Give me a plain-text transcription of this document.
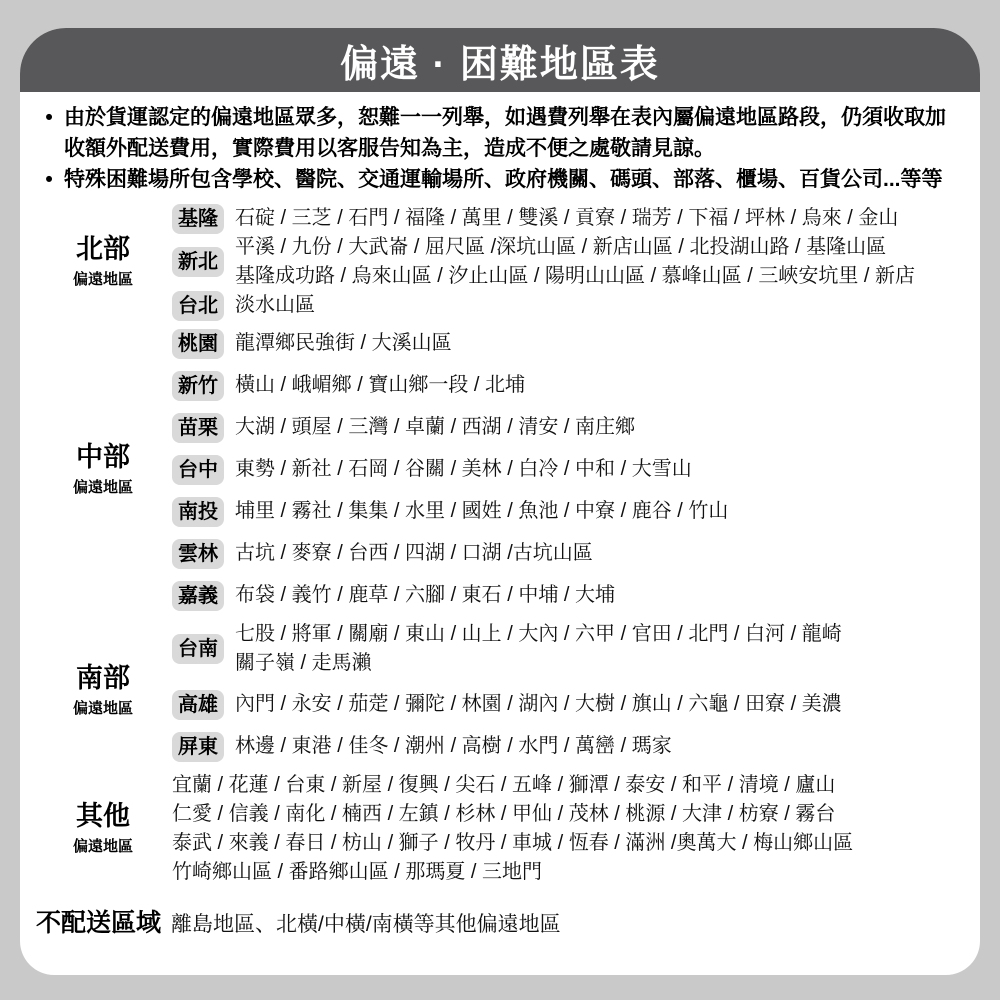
偏遠 · 困難地區表
• 由於貨運認定的偏遠地區眾多，恕難一一列舉，如遇費列舉在表內屬偏遠地區路段，仍須收取加收額外配送費用，實際費用以客服告知為主，造成不便之處敬請見諒。
• 特殊困難場所包含學校、醫院、交通運輸場所、政府機關、碼頭、部落、櫃場、百貨公司...等等
北部
偏遠地區
基隆
新北
台北
石碇 / 三芝 / 石門 / 福隆 / 萬里 / 雙溪 / 貢寮 / 瑞芳 / 下福 / 坪林 / 烏來 / 金山
平溪 / 九份 / 大武崙 / 屈尺區 /深坑山區 / 新店山區 / 北投湖山路 / 基隆山區
基隆成功路 / 烏來山區 / 汐止山區 / 陽明山山區 / 慕峰山區 / 三峽安坑里 / 新店
淡水山區
中部
偏遠地區
桃園 龍潭鄉民強街 / 大溪山區
新竹 橫山 / 峨嵋鄉 / 寶山鄉一段 / 北埔
苗栗 大湖 / 頭屋 / 三灣 / 卓蘭 / 西湖 / 清安 / 南庄鄉
台中 東勢 / 新社 / 石岡 / 谷關 / 美林 / 白冷 / 中和 / 大雪山
南投 埔里 / 霧社 / 集集 / 水里 / 國姓 / 魚池 / 中寮 / 鹿谷 / 竹山
雲林 古坑 / 麥寮 / 台西 / 四湖 / 口湖 /古坑山區
嘉義 布袋 / 義竹 / 鹿草 / 六腳 / 東石 / 中埔 / 大埔
南部
偏遠地區
台南
七股 / 將軍 / 關廟 / 東山 / 山上 / 大內 / 六甲 / 官田 / 北門 / 白河 / 龍崎
關子嶺 / 走馬瀨
高雄 內門 / 永安 / 茄萣 / 彌陀 / 林園 / 湖內 / 大樹 / 旗山 / 六龜 / 田寮 / 美濃
屏東 林邊 / 東港 / 佳冬 / 潮州 / 高樹 / 水門 / 萬巒 / 瑪家
其他
偏遠地區
宜蘭 / 花蓮 / 台東 / 新屋 / 復興 / 尖石 / 五峰 / 獅潭 / 泰安 / 和平 / 清境 / 廬山
仁愛 / 信義 / 南化 / 楠西 / 左鎮 / 杉林 / 甲仙 / 茂林 / 桃源 / 大津 / 枋寮 / 霧台
泰武 / 來義 / 春日 / 枋山 / 獅子 / 牧丹 / 車城 / 恆春 / 滿洲 /奧萬大 / 梅山鄉山區
竹崎鄉山區 / 番路鄉山區 / 那瑪夏 / 三地門
不配送區域 離島地區、北橫/中橫/南橫等其他偏遠地區
